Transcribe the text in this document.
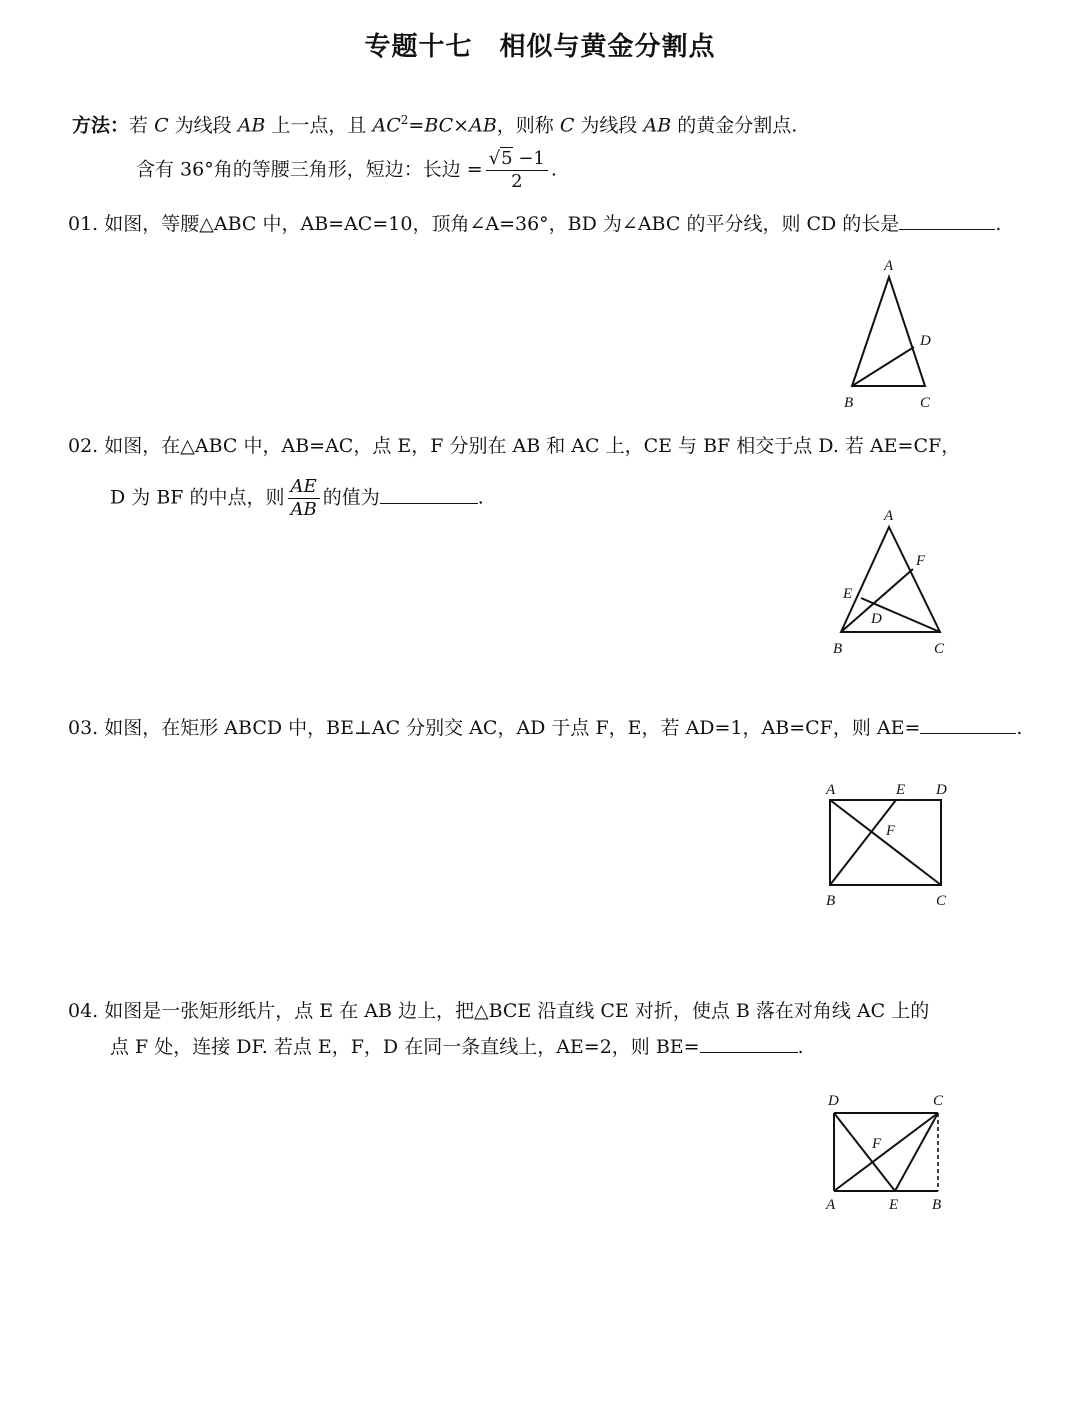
专题十七　相似与黄金分割点
方法：若 C 为线段 AB 上一点，且 $AC^2=BC\times AB$，则称 C 为线段 AB 的黄金分割点.
含有 36°角的等腰三角形，短边：长边 = $\frac{√5 -1}{2}$ .
01. 如图，等腰△ABC 中，AB=AC=10，顶角∠A=36°，BD 为∠ABC 的平分线，则 CD 的长是	.
A
D
B	C
02. 如图，在△ABC 中，AB=AC，点 E，F 分别在 AB 和 AC 上，CE 与 BF 相交于点 D. 若 AE=CF，
D 为 BF 的中点，则 $\frac{AE}{AB}$ 的值为	.
A
F
E
D
B	C
03. 如图，在矩形 ABCD 中，BE⊥AC 分别交 AC，AD 于点 F，E，若 AD=1，AB=CF，则 AE=	.
A	E D
F
B	C
04. 如图是一张矩形纸片，点 E 在 AB 边上，把△BCE 沿直线 CE 对折，使点 B 落在对角线 AC 上的
点 F 处，连接 DF. 若点 E，F，D 在同一条直线上，AE=2，则 BE=	.
D	C
F
A	E B
